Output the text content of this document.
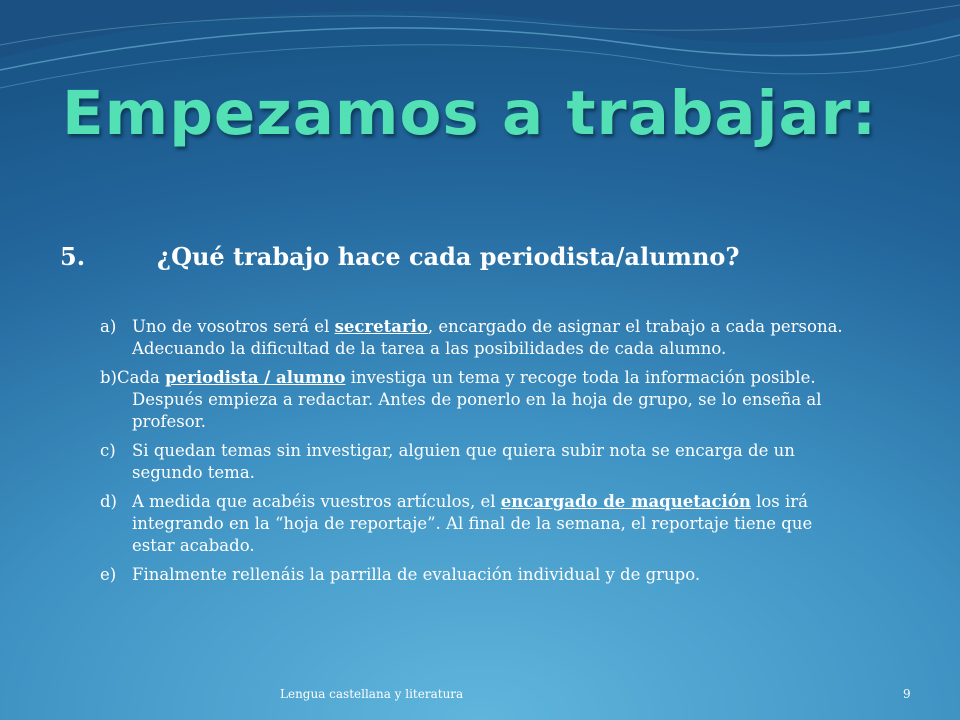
Empezamos a trabajar:

5.	¿Qué trabajo hace cada periodista/alumno?

a) Uno de vosotros será el secretario, encargado de asignar el trabajo a cada persona. Adecuando la dificultad de la tarea a las posibilidades de cada alumno.
b)Cada periodista / alumno investiga un tema y recoge toda la información posible. Después empieza a redactar. Antes de ponerlo en la hoja de grupo, se lo enseña al profesor.
c) Si quedan temas sin investigar, alguien que quiera subir nota se encarga de un segundo tema.
d) A medida que acabéis vuestros artículos, el encargado de maquetación los irá integrando en la “hoja de reportaje”. Al final de la semana, el reportaje tiene que estar acabado.
e) Finalmente rellenáis la parrilla de evaluación individual y de grupo.
Lengua castellana y literatura	9
